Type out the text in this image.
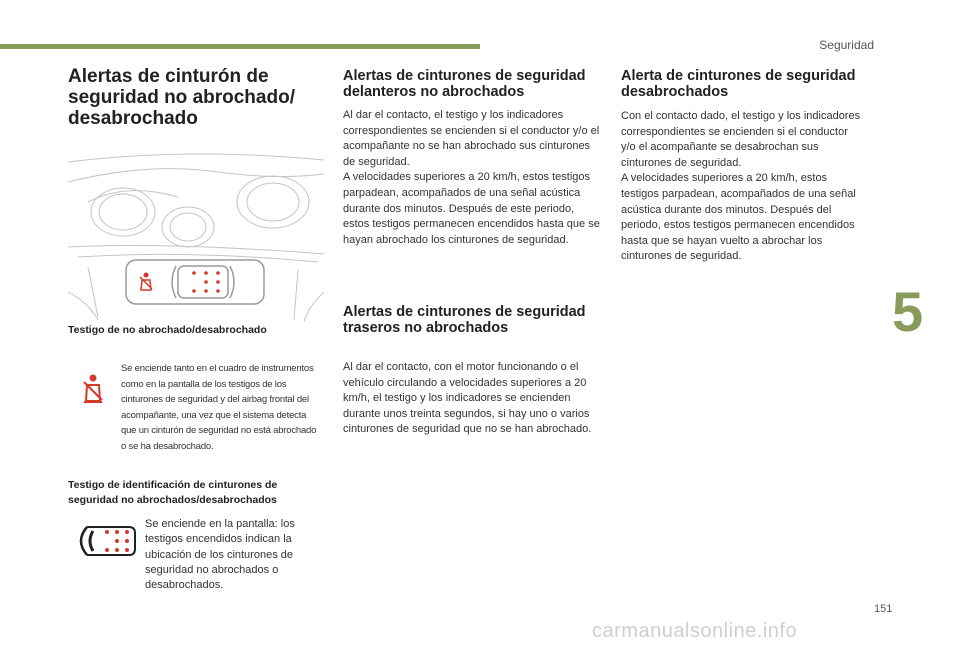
Seguridad
5
151
carmanualsonline.info
Alertas de cinturón de seguridad no abrochado/ desabrochado
Testigo de no abrochado/desabrochado
Se enciende tanto en el cuadro de instrumentos como en la pantalla de los testigos de los cinturones de seguridad y del airbag frontal del acompañante, una vez que el sistema detecta que un cinturón de seguridad no está abrochado o se ha desabrochado.
Testigo de identificación de cinturones de seguridad no abrochados/desabrochados
Se enciende en la pantalla: los testigos encendidos indican la ubicación de los cinturones de seguridad no abrochados o desabrochados.
Alertas de cinturones de seguridad delanteros no abrochados

Al dar el contacto, el testigo y los indicadores correspondientes se encienden si el conductor y/o el acompañante no se han abrochado sus cinturones de seguridad.

A velocidades superiores a 20 km/h, estos testigos parpadean, acompañados de una señal acústica durante dos minutos. Después de este periodo, estos testigos permanecen encendidos hasta que se hayan abrochado los cinturones de seguridad.

Alertas de cinturones de seguridad traseros no abrochados

Al dar el contacto, con el motor funcionando o el vehículo circulando a velocidades superiores a 20 km/h, el testigo y los indicadores se encienden durante unos treinta segundos, si hay uno o varios cinturones de seguridad que no se han abrochado.

Alerta de cinturones de seguridad desabrochados

Con el contacto dado, el testigo y los indicadores correspondientes se encienden si el conductor y/o el acompañante se desabrochan sus cinturones de seguridad.

A velocidades superiores a 20 km/h, estos testigos parpadean, acompañados de una señal acústica durante dos minutos. Después del periodo, estos testigos permanecen encendidos hasta que se hayan vuelto a abrochar los cinturones de seguridad.
